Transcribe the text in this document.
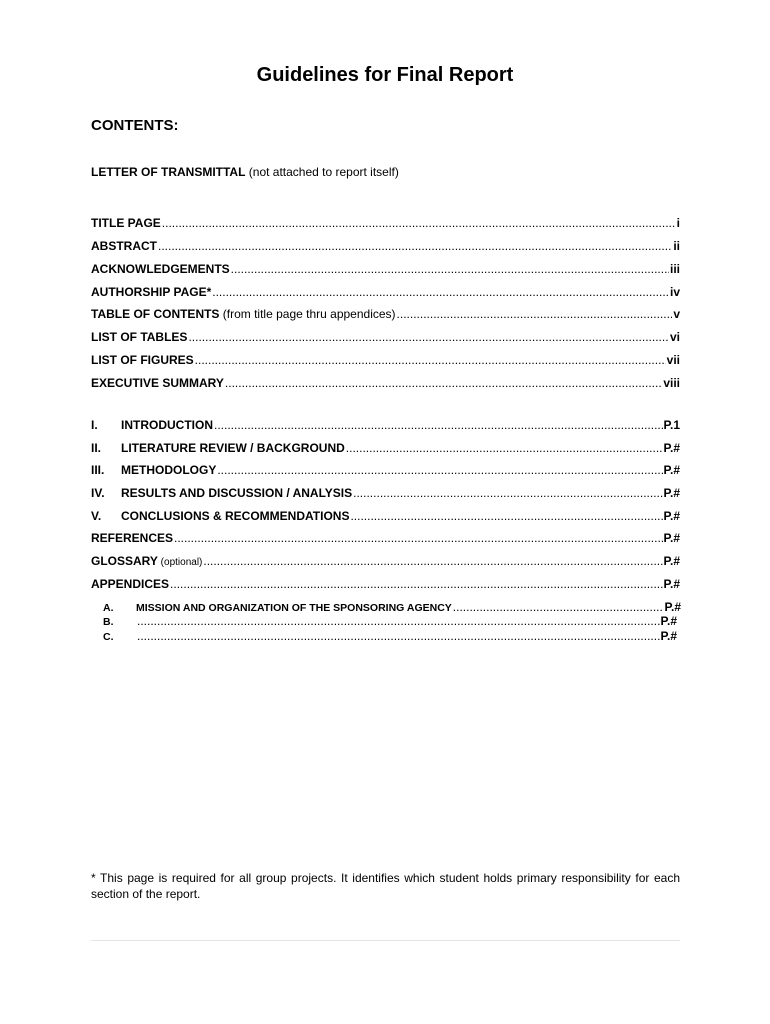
Guidelines for Final Report
CONTENTS:
LETTER OF TRANSMITTAL (not attached to report itself)
TITLE PAGE .....	i
ABSTRACT .....	ii
ACKNOWLEDGEMENTS .....	iii
AUTHORSHIP PAGE* .....	iv
TABLE OF CONTENTS (from title page thru appendices) .....	v
LIST OF TABLES .....	vi
LIST OF FIGURES .....	vii
EXECUTIVE SUMMARY .....	viii
I.	INTRODUCTION .....	P.1
II.	LITERATURE REVIEW / BACKGROUND .....	P.#
III.	METHODOLOGY .....	P.#
IV.	RESULTS AND DISCUSSION / ANALYSIS .....	P.#
V.	CONCLUSIONS & RECOMMENDATIONS .....	P.#
REFERENCES .....	P.#
GLOSSARY (optional) .....	P.#
APPENDICES .....	P.#
A.	MISSION AND ORGANIZATION OF THE SPONSORING AGENCY .....	P.#
B. .....	P.#
C. .....	P.#

* This page is required for all group projects. It identifies which student holds primary responsibility for each section of the report.
